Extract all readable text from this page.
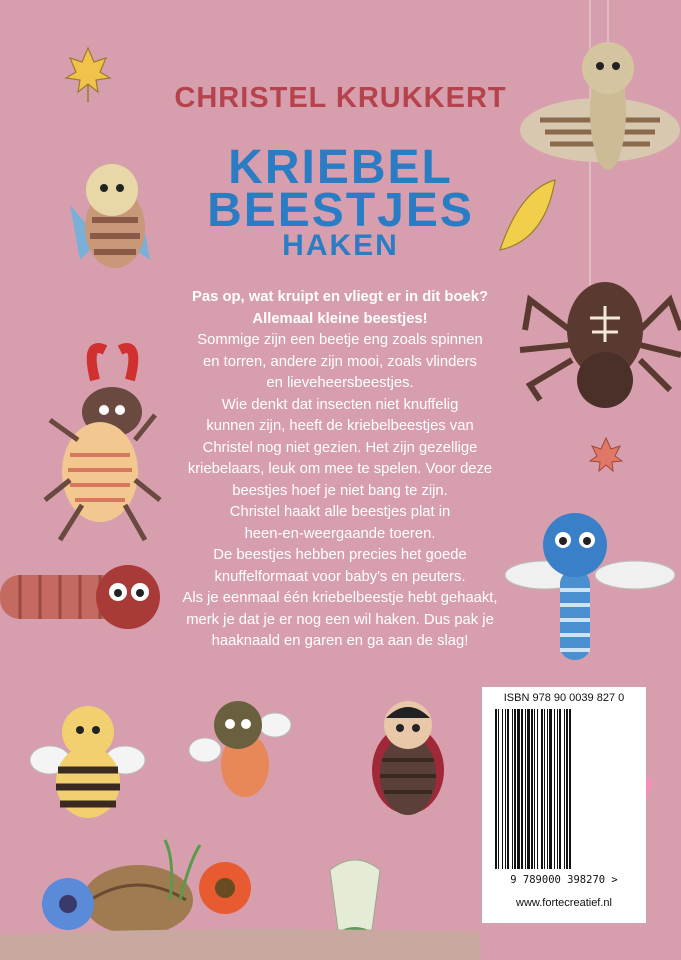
CHRISTEL KRUKKERT
KRIEBEL
BEESTJES
HAKEN
Pas op, wat kruipt en vliegt er in dit boek?
Allemaal kleine beestjes!
Sommige zijn een beetje eng zoals spinnen
en torren, andere zijn mooi, zoals vlinders
en lieveheersbeestjes.
Wie denkt dat insecten niet knuffelig
kunnen zijn, heeft de kriebelbeestjes van
Christel nog niet gezien. Het zijn gezellige
kriebelaars, leuk om mee te spelen. Voor deze
beestjes hoef je niet bang te zijn.
Christel haakt alle beestjes plat in
heen-en-weergaande toeren.
De beestjes hebben precies het goede
knuffelformaat voor baby's en peuters.
Als je eenmaal één kriebelbeestje hebt gehaakt,
merk je dat je er nog een wil haken. Dus pak je
haaknaald en garen en ga aan de slag!
ISBN 978 90 0039 827 0
9 789000 398270 >
www.fortecreatief.nl
